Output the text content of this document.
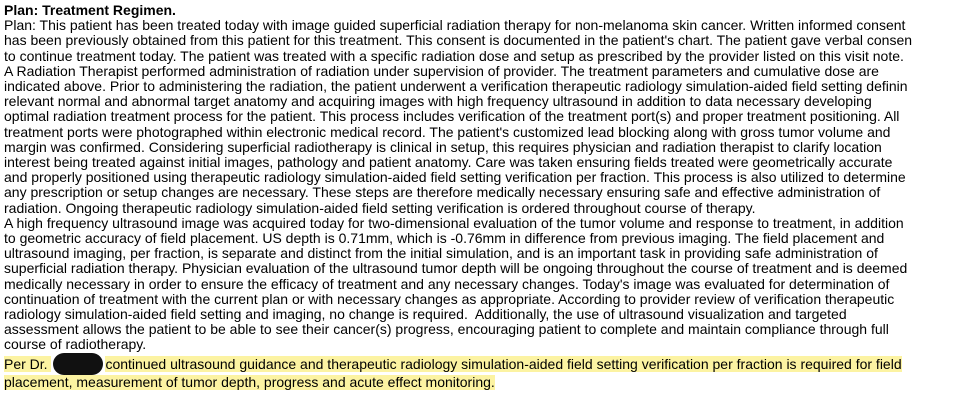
Plan: Treatment Regimen.
Plan: This patient has been treated today with image guided superficial radiation therapy for non-melanoma skin cancer. Written informed consent
has been previously obtained from this patient for this treatment. This consent is documented in the patient's chart. The patient gave verbal consen
to continue treatment today. The patient was treated with a specific radiation dose and setup as prescribed by the provider listed on this visit note.
A Radiation Therapist performed administration of radiation under supervision of provider. The treatment parameters and cumulative dose are
indicated above. Prior to administering the radiation, the patient underwent a verification therapeutic radiology simulation-aided field setting definin
relevant normal and abnormal target anatomy and acquiring images with high frequency ultrasound in addition to data necessary developing
optimal radiation treatment process for the patient. This process includes verification of the treatment port(s) and proper treatment positioning. All
treatment ports were photographed within electronic medical record. The patient's customized lead blocking along with gross tumor volume and
margin was confirmed. Considering superficial radiotherapy is clinical in setup, this requires physician and radiation therapist to clarify location
interest being treated against initial images, pathology and patient anatomy. Care was taken ensuring fields treated were geometrically accurate
and properly positioned using therapeutic radiology simulation-aided field setting verification per fraction. This process is also utilized to determine
any prescription or setup changes are necessary. These steps are therefore medically necessary ensuring safe and effective administration of
radiation. Ongoing therapeutic radiology simulation-aided field setting verification is ordered throughout course of therapy.
A high frequency ultrasound image was acquired today for two-dimensional evaluation of the tumor volume and response to treatment, in addition
to geometric accuracy of field placement. US depth is 0.71mm, which is -0.76mm in difference from previous imaging. The field placement and
ultrasound imaging, per fraction, is separate and distinct from the initial simulation, and is an important task in providing safe administration of
superficial radiation therapy. Physician evaluation of the ultrasound tumor depth will be ongoing throughout the course of treatment and is deemed
medically necessary in order to ensure the efficacy of treatment and any necessary changes. Today's image was evaluated for determination of
continuation of treatment with the current plan or with necessary changes as appropriate. According to provider review of verification therapeutic
radiology simulation-aided field setting and imaging, no change is required.  Additionally, the use of ultrasound visualization and targeted
assessment allows the patient to be able to see their cancer(s) progress, encouraging patient to complete and maintain compliance through full
course of radiotherapy.
Per Dr.	continued ultrasound guidance and therapeutic radiology simulation-aided field setting verification per fraction is required for field
placement, measurement of tumor depth, progress and acute effect monitoring.
